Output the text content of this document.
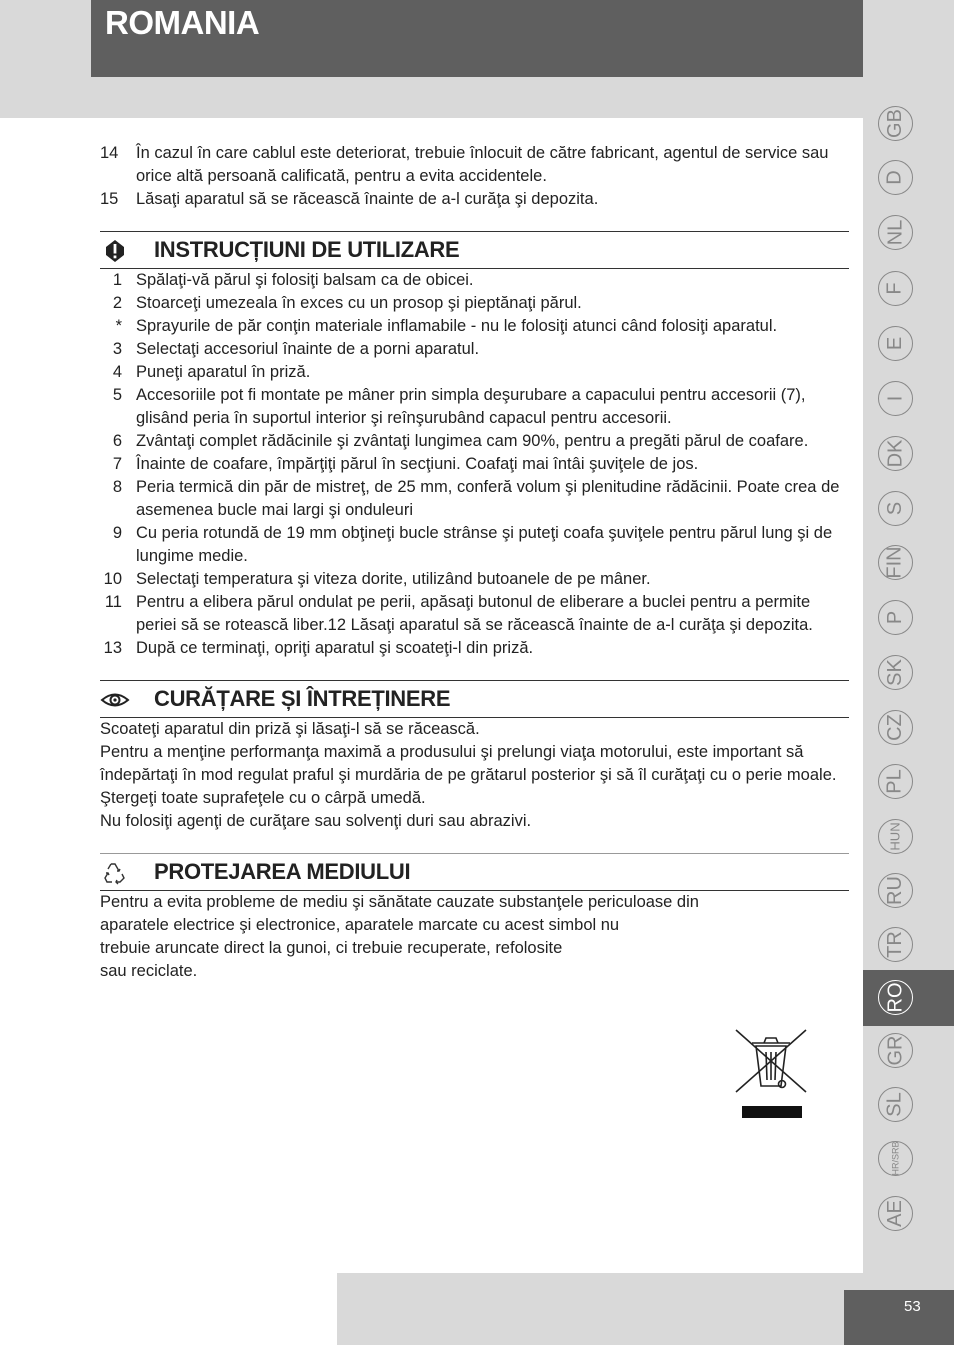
ROMANIA
53
14 În cazul în care cablul este deteriorat, trebuie înlocuit de către fabricant, agentul de service sau orice altă persoană calificată, pentru a evita accidentele.
15 Lăsaţi aparatul să se răcească înainte de a-l curăţa şi depozita.
INSTRUCȚIUNI DE UTILIZARE
1 Spălaţi-vă părul şi folosiţi balsam ca de obicei.
2 Stoarceţi umezeala în exces cu un prosop şi pieptănaţi părul.
* Sprayurile de păr conţin materiale inflamabile - nu le folosiţi atunci când folosiţi aparatul.
3 Selectaţi accesoriul înainte de a porni aparatul.
4 Puneţi aparatul în priză.
5 Accesoriile pot fi montate pe mâner prin simpla deşurubare a capacului pentru accesorii (7), glisând peria în suportul interior şi reînşurubând capacul pentru accesorii.
6 Zvântaţi complet rădăcinile şi zvântaţi lungimea cam 90%, pentru a pregăti părul de coafare.
7 Înainte de coafare, împărţiţi părul în secţiuni. Coafaţi mai întâi şuviţele de jos.
8 Peria termică din păr de mistreţ, de 25 mm, conferă volum şi plenitudine rădăcinii. Poate crea de asemenea bucle mai largi şi onduleuri
9 Cu peria rotundă de 19 mm obţineţi bucle strânse şi puteţi coafa şuviţele pentru părul lung şi de lungime medie.
10 Selectaţi temperatura şi viteza dorite, utilizând butoanele de pe mâner.
11 Pentru a elibera părul ondulat pe perii, apăsaţi butonul de eliberare a buclei pentru a permite periei să se rotească liber.12 Lăsaţi aparatul să se răcească înainte de a-l curăţa şi depozita.
13 După ce terminaţi, opriţi aparatul şi scoateţi-l din priză.
CURĂȚARE ȘI ÎNTREȚINERE

Scoateţi aparatul din priză şi lăsaţi-l să se răcească.

Pentru a menţine performanţa maximă a produsului şi prelungi viaţa motorului, este important să îndepărtaţi în mod regulat praful şi murdăria de pe grătarul posterior şi să îl curăţaţi cu o perie moale.

Ştergeţi toate suprafeţele cu o cârpă umedă.

Nu folosiţi agenţi de curăţare sau solvenţi duri sau abrazivi.

PROTEJAREA MEDIULUI

Pentru a evita probleme de mediu şi sănătate cauzate substanţele periculoase din

aparatele electrice şi electronice, aparatele marcate cu acest simbol nu

trebuie aruncate direct la gunoi, ci trebuie recuperate, refolosite

sau reciclate.

GB
D
NL
F
E
I
DK
S
FIN
P
SK
CZ
PL
HUN
RU
TR
RO
GR
SL
HR/SRB
AE
